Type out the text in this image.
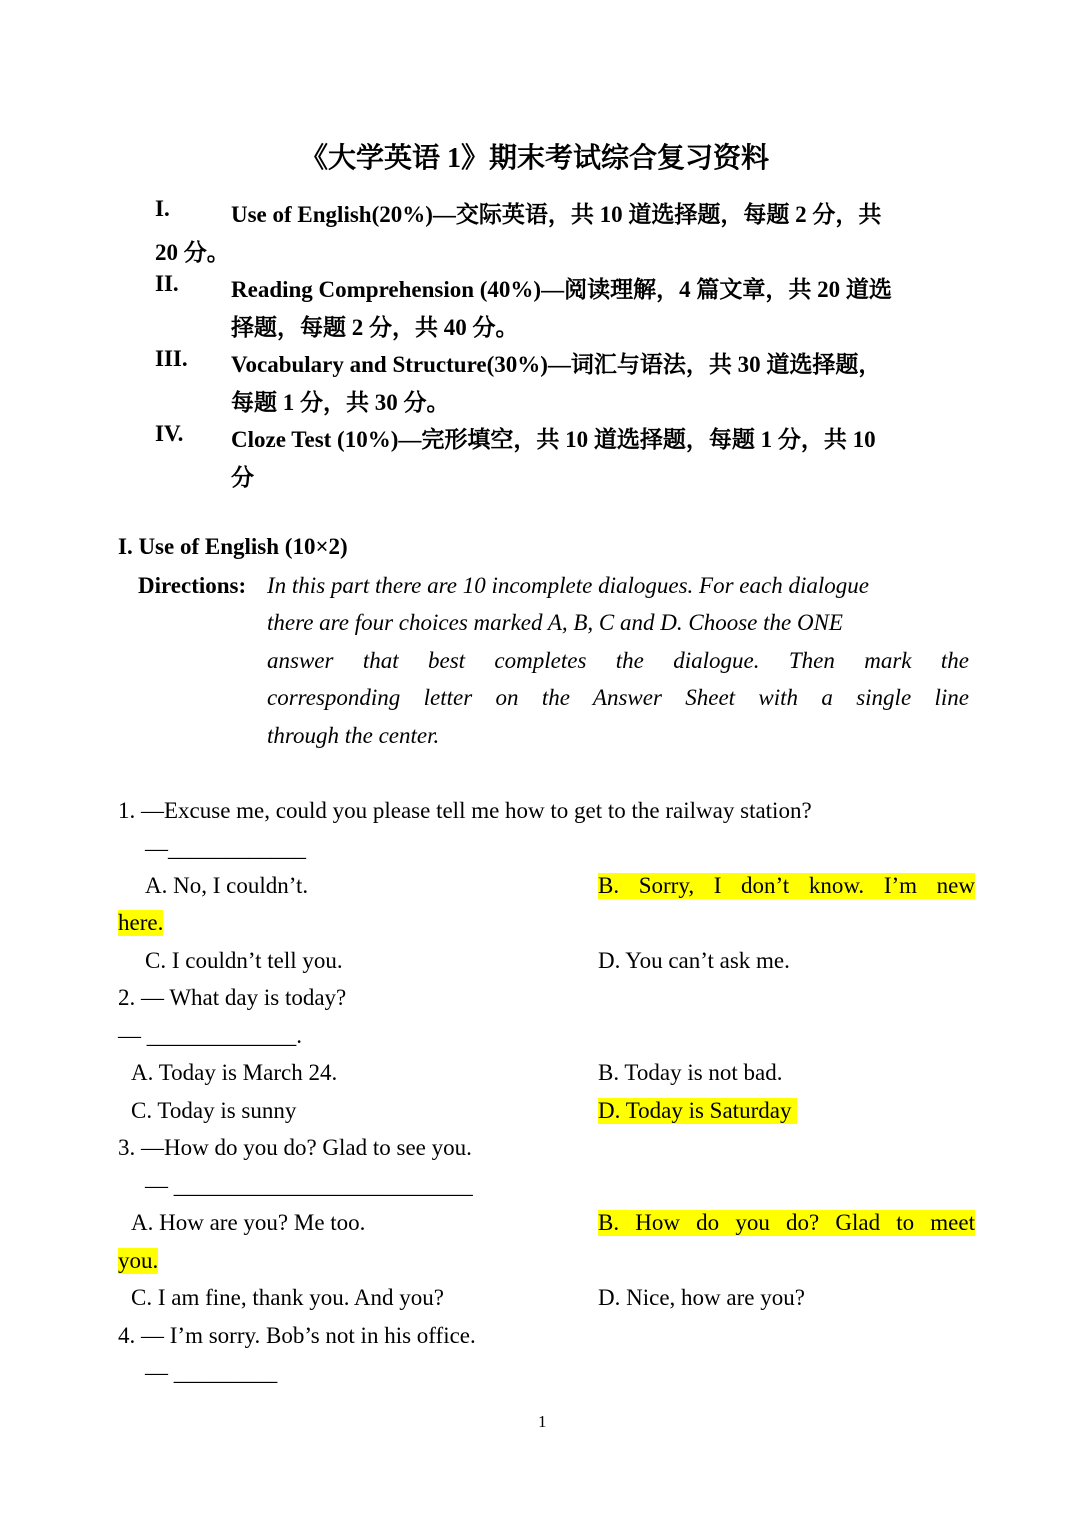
《大学英语 1》期末考试综合复习资料
I.	Use of English(20%)—交际英语，共 10 道选择题，每题 2 分，共
20 分。
II. Reading Comprehension (40%)—阅读理解，4 篇文章，共 20 道选
择题，每题 2 分，共 40 分。
III. Vocabulary and Structure(30%)—词汇与语法，共 30 道选择题，
每题 1 分，共 30 分。
IV. Cloze Test (10%)—完形填空，共 10 道选择题，每题 1 分，共 10
分
I. Use of English (10×2)
Directions: In this part there are 10 incomplete dialogues. For each dialogue
there are four choices marked A, B, C and D. Choose the ONE
answer that best completes the dialogue. Then mark the
corresponding letter on the Answer Sheet with a single line
through the center.
1. —Excuse me, could you please tell me how to get to the railway station?
—____________
A. No, I couldn’t.	B. Sorry, I don’t know. I’m new
here.
C. I couldn’t tell you.	D. You can’t ask me.
2. — What day is today?
— _____________.
A. Today is March 24.	B. Today is not bad.
C. Today is sunny	D. Today is Saturday
3. —How do you do? Glad to see you.
— __________________________
A. How are you? Me too.	B. How do you do? Glad to meet
you.
C. I am fine, thank you. And you?	D. Nice, how are you?
4. — I’m sorry. Bob’s not in his office.
— _________
1
